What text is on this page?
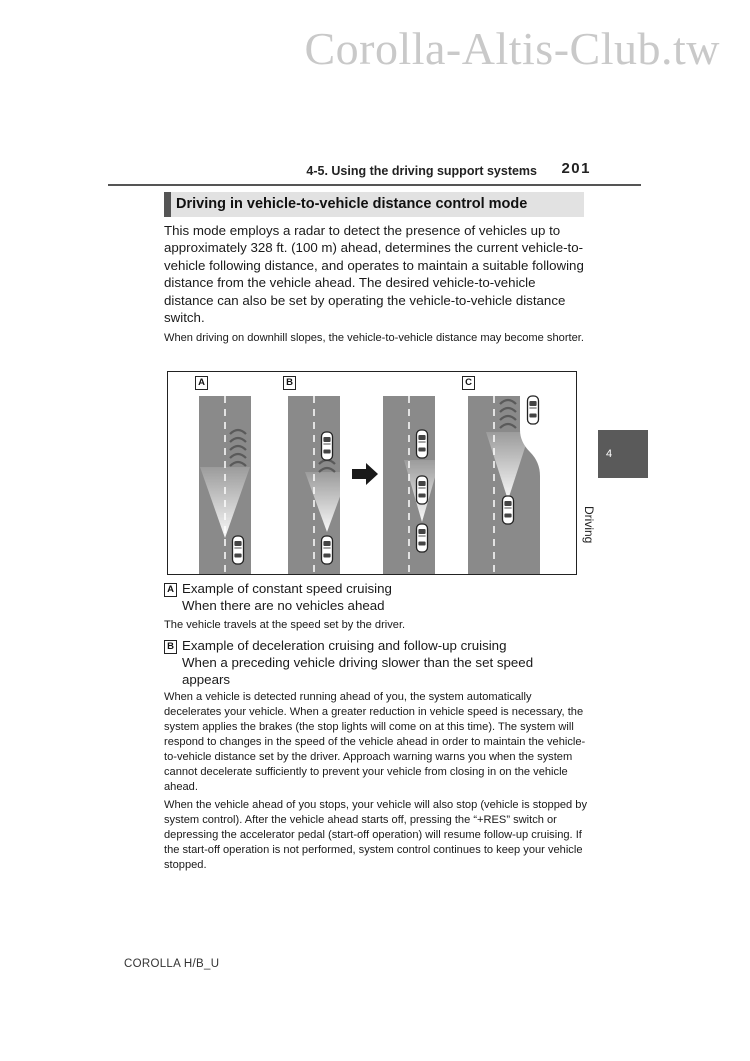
Corolla-Altis-Club.tw
4-5. Using the driving support systems 201
Driving in vehicle-to-vehicle distance control mode

This mode employs a radar to detect the presence of vehicles up to approximately 328 ft. (100 m) ahead, determines the current vehicle-to-vehicle following distance, and operates to maintain a suitable following distance from the vehicle ahead. The desired vehicle-to-vehicle distance can also be set by operating the vehicle-to-vehicle distance switch.

When driving on downhill slopes, the vehicle-to-vehicle distance may become shorter.

A	B	C
A Example of constant speed cruising
When there are no vehicles ahead

The vehicle travels at the speed set by the driver.

B Example of deceleration cruising and follow-up cruising
When a preceding vehicle driving slower than the set speed appears

When a vehicle is detected running ahead of you, the system automatically decelerates your vehicle. When a greater reduction in vehicle speed is necessary, the system applies the brakes (the stop lights will come on at this time). The system will respond to changes in the speed of the vehicle ahead in order to maintain the vehicle-to-vehicle distance set by the driver. Approach warning warns you when the system cannot decelerate sufficiently to prevent your vehicle from closing in on the vehicle ahead.

When the vehicle ahead of you stops, your vehicle will also stop (vehicle is stopped by system control). After the vehicle ahead starts off, pressing the “+RES” switch or depressing the accelerator pedal (start-off operation) will resume follow-up cruising. If the start-off operation is not performed, system control continues to keep your vehicle stopped.

4
Driving
COROLLA H/B_U
